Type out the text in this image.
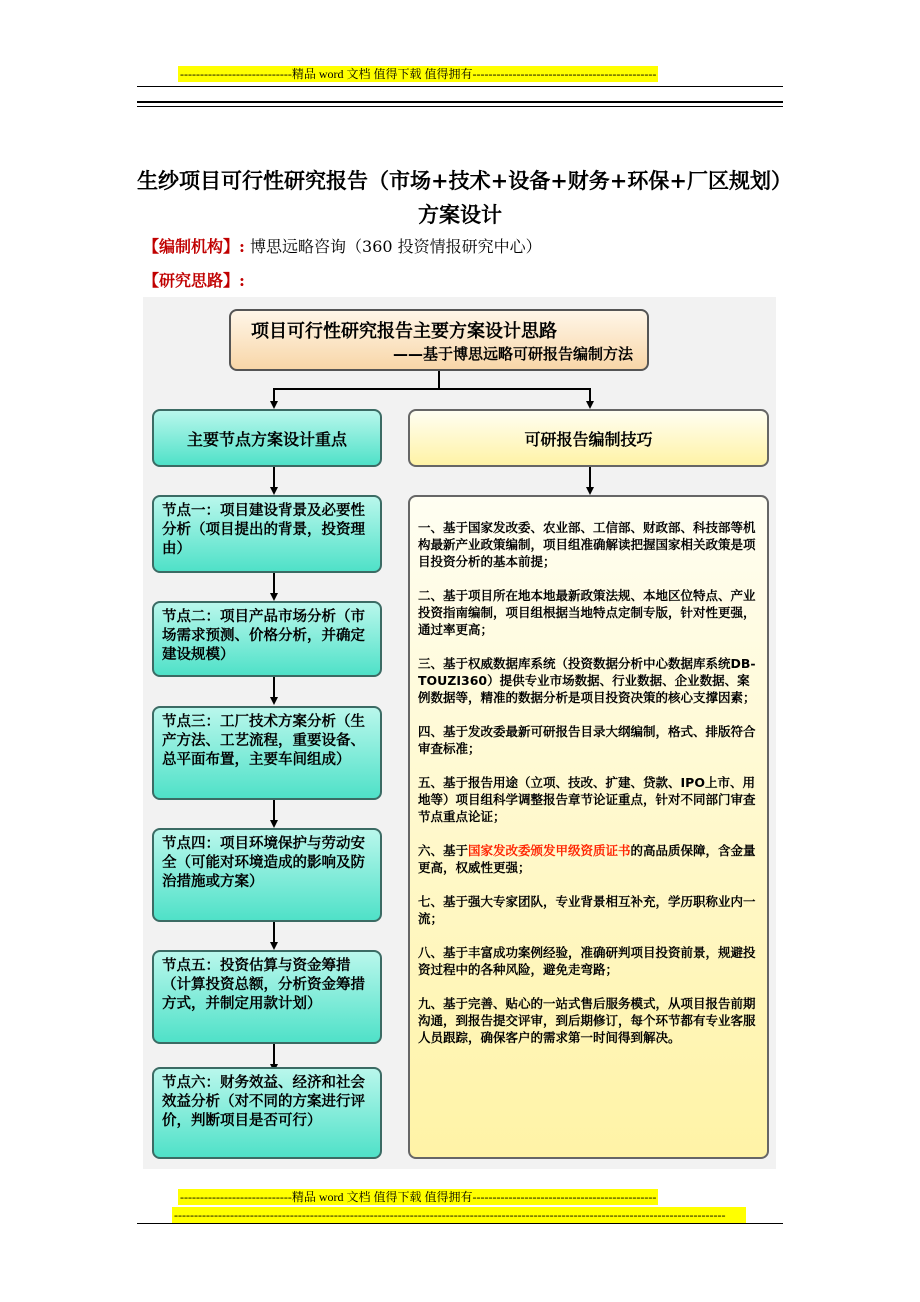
----------------------------精品 word 文档 值得下载 值得拥有----------------------------------------------
生纱项目可行性研究报告（市场+技术+设备+财务+环保+厂区规划）
方案设计
【编制机构】: 博思远略咨询（360 投资情报研究中心）
【研究思路】:
项目可行性研究报告主要方案设计思路
——基于博思远略可研报告编制方法
主要节点方案设计重点	可研报告编制技巧
节点一：项目建设背景及必要性分析（项目提出的背景，投资理由）
节点二：项目产品市场分析（市场需求预测、价格分析，并确定建设规模）
节点三：工厂技术方案分析（生产方法、工艺流程，重要设备、总平面布置，主要车间组成）
节点四：项目环境保护与劳动安全（可能对环境造成的影响及防治措施或方案）
节点五：投资估算与资金筹措（计算投资总额，分析资金筹措方式，并制定用款计划）
节点六：财务效益、经济和社会效益分析（对不同的方案进行评价，判断项目是否可行）

一、基于国家发改委、农业部、工信部、财政部、科技部等机构最新产业政策编制，项目组准确解读把握国家相关政策是项目投资分析的基本前提；

二、基于项目所在地本地最新政策法规、本地区位特点、产业投资指南编制，项目组根据当地特点定制专版，针对性更强，通过率更高；

三、基于权威数据库系统（投资数据分析中心数据库系统DB-TOUZI360）提供专业市场数据、行业数据、企业数据、案例数据等，精准的数据分析是项目投资决策的核心支撑因素；

四、基于发改委最新可研报告目录大纲编制，格式、排版符合审查标准；

五、基于报告用途（立项、技改、扩建、贷款、IPO上市、用地等）项目组科学调整报告章节论证重点，针对不同部门审查节点重点论证；

六、基于国家发改委颁发甲级资质证书的高品质保障，含金量更高，权威性更强；

七、基于强大专家团队，专业背景相互补充，学历职称业内一流；

八、基于丰富成功案例经验，准确研判项目投资前景，规避投资过程中的各种风险，避免走弯路；

九、基于完善、贴心的一站式售后服务模式，从项目报告前期沟通，到报告提交评审，到后期修订，每个环节都有专业客服人员跟踪，确保客户的需求第一时间得到解决。

----------------------------精品 word 文档 值得下载 值得拥有----------------------------------------------
------------------------------------------------------------------------------------------------------------------------------------------
